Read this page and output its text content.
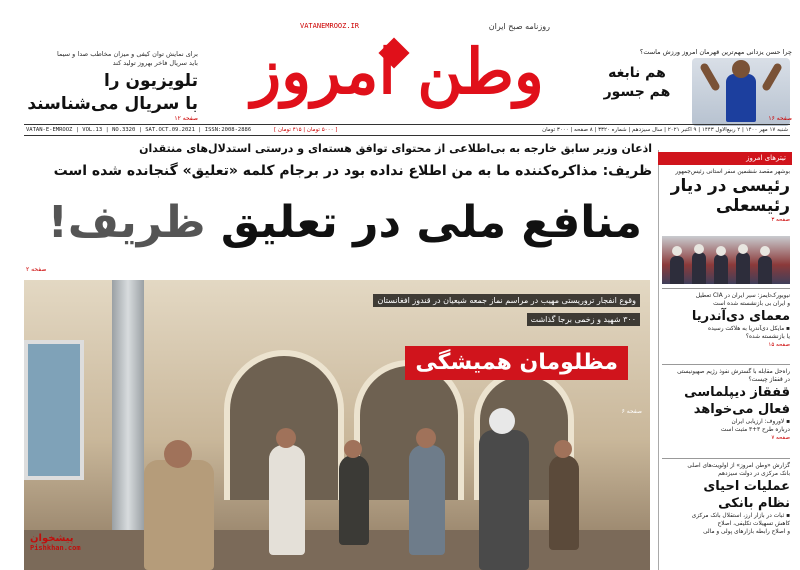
برای نمایش توان کیفی و میزان مخاطب صدا و سیما
باید سریال فاخر بهروز تولید کند
تلویزیون را
با سریال می‌شناسند
صفحه ۱۲
VATANEMROOZ.IR	روزنامه صبح ایران
وطن امروز	چرا حسن یزدانی مهم‌ترین قهرمان امروز ورزش ماست؟
هم نابغه
هم جسور
صفحه ۱۶
VATAN-E-EMROOZ | VOL.13 | NO.3320 | SAT.OCT.09.2021 | ISSN:2008-2886	[ ۵۰۰۰ تومان | ۴۱۵ تومان ]	شنبه ۱۷ مهر ۱۴۰۰ | ۲ ربیع‌الاول ۱۴۴۳ | ۹ اکتبر ۲۰۲۱ | سال سیزدهم | شماره ۳۳۲۰ | ۸ صفحه | ۳۰۰۰ تومان
اذعان وزیر سابق خارجه به بی‌اطلاعی از محتوای توافق هسته‌ای و درستی استدلال‌های منتقدان
ظریف: مذاکره‌کننده ما به من اطلاع نداده بود در برجام کلمه «تعلیق» گنجانده شده است
منافع ملی در تعلیق ظریف!
صفحه ۲
وقوع انفجار تروریستی مهیب در مراسم نماز جمعه شیعیان در قندوز افغانستان
۳۰۰ شهید و زخمی برجا گذاشت
مظلومان همیشگی
صفحه ۶
پیشخوان
Pishkhan.com
تیترهای امروز
بوشهر مقصد ششمین سفر استانی رئیس‌جمهور
رئیسی در دیار
رئیسعلی
صفحه ۳
نیویورک‌تایمز: سیر ایران در CIA تعطیل
و ایران بی‌ بازنشسته شده است
معمای دی‌آندریا
▪ مایکل دی‌آندریا به هلاکت رسیده
یا بازنشسته شده؟
صفحه ۱۵
راه‌حل مقابله با گسترش نفوذ رژیم صهیونیستی
در قفقاز چیست؟
قفقاز دیپلماسی
فعال می‌خواهد
▪ لاوروف: ارزیابی ایران
درباره طرح ۳+۳ مثبت است
صفحه ۷
گزارش «وطن امروز» از اولویت‌های اصلی
بانک مرکزی در دولت سیزدهم
عملیات احیای
نظام بانکی
▪ ثبات در بازار ارز، استقلال بانک مرکزی
کاهش تسهیلات تکلیفی، اصلاح
و اصلاح رابطه بازارهای پولی و مالی
